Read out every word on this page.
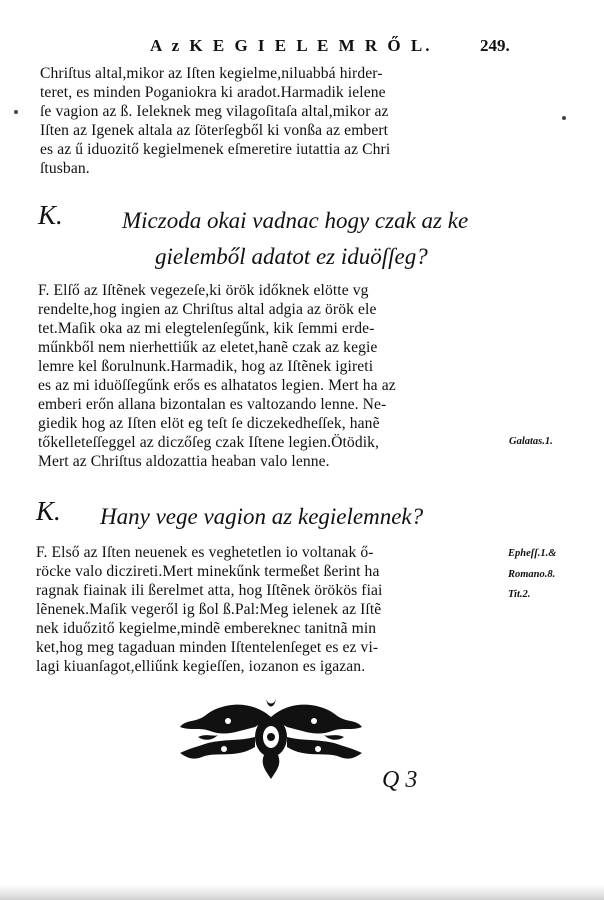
A z K E G I E L E M R Ő L.	249.
Chriſtus altal,mikor az Iſten kegielme,niluabbá hirder-
teret, es minden Poganiokra ki aradot.Harmadik ielene
ſe vagion az ß. Ieleknek meg vilagoſitaſa altal,mikor az
Iſten az Igenek altala az ſöterſegből ki vonßa az embert
es az ű iduozitő kegielmenek eſmeretire iutattia az Chri
ſtusban.
K.	Miczoda okai vadnac hogy czak az ke
gielemből adatot ez iduöſſeg?
F. Elſő az Iſtẽnek vegezeſe,ki örök időknek elötte vg
rendelte,hog ingien az Chriſtus altal adgia az örök ele
tet.Maſik oka az mi elegtelenſegűnk, kik ſemmi erde-
műnkből nem nierhettiűk az eletet,hanẽ czak az kegie
lemre kel ßorulnunk.Harmadik, hog az Iſtẽnek igireti
es az mi iduöſſegűnk erős es alhatatos legien. Mert ha az
emberi erőn allana bizontalan es valtozando lenne. Ne-
giedik hog az Iſten elöt eg teſt ſe diczekedheſſek, hanẽ
tőkelleteſſeggel az diczőſeg czak Iſtene legien.Ötödik,
Mert az Chriſtus aldozattia heaban valo lenne.
Galatas.1.
K. Hany vege vagion az kegielemnek?
F. Első az Iſten neuenek es veghetetlen io voltanak ő-
röcke valo diczireti.Mert minekűnk termeßet ßerint ha
ragnak fiainak ili ßerelmet atta, hog Iſtẽnek örökös fiai
lẽnenek.Maſik vegeről ig ßol ß.Pal:Meg ielenek az Iſtẽ
nek iduőzitő kegielme,mindẽ embereknec tanitnã min
ket,hog meg tagaduan minden Iſtentelenſeget es ez vi-
lagi kiuanſagot,elliűnk kegieſſen, iozanon es igazan.
Epheſſ.1.&
Romano.8.
Tit.2.
Q 3
